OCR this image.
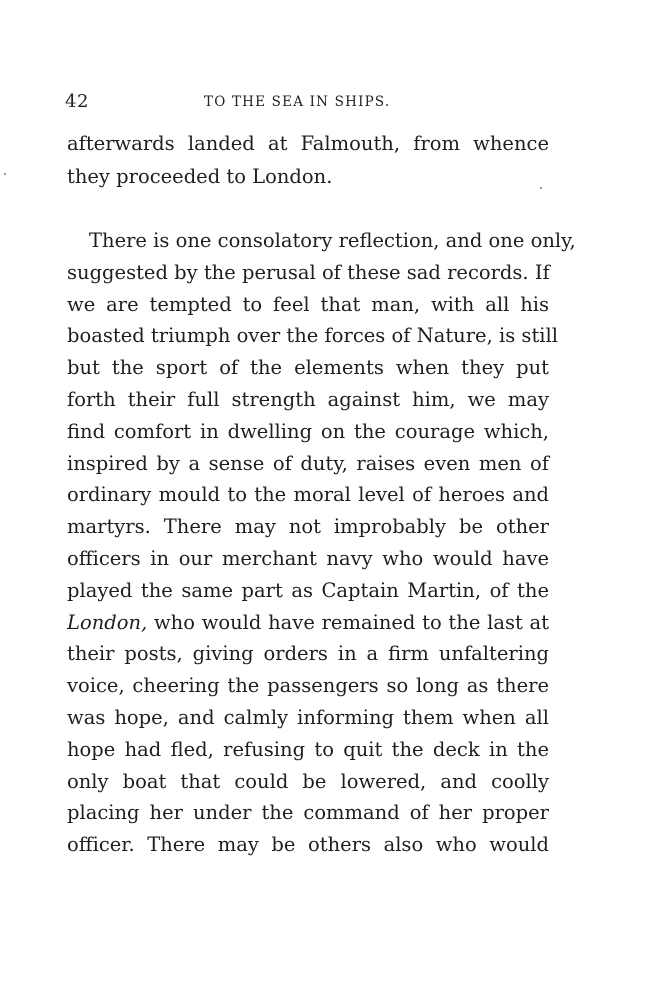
42	TO THE SEA IN SHIPS.
afterwards landed at Falmouth, from whence
they proceeded to London.
There is one consolatory reflection, and one only,
suggested by the perusal of these sad records. If
we are tempted to feel that man, with all his
boasted triumph over the forces of Nature, is still
but the sport of the elements when they put
forth their full strength against him, we may
find comfort in dwelling on the courage which,
inspired by a sense of duty, raises even men of
ordinary mould to the moral level of heroes and
martyrs. There may not improbably be other
officers in our merchant navy who would have
played the same part as Captain Martin, of the
London, who would have remained to the last at
their posts, giving orders in a firm unfaltering
voice, cheering the passengers so long as there
was hope, and calmly informing them when all
hope had fled, refusing to quit the deck in the
only boat that could be lowered, and coolly
placing her under the command of her proper
officer. There may be others also who would
